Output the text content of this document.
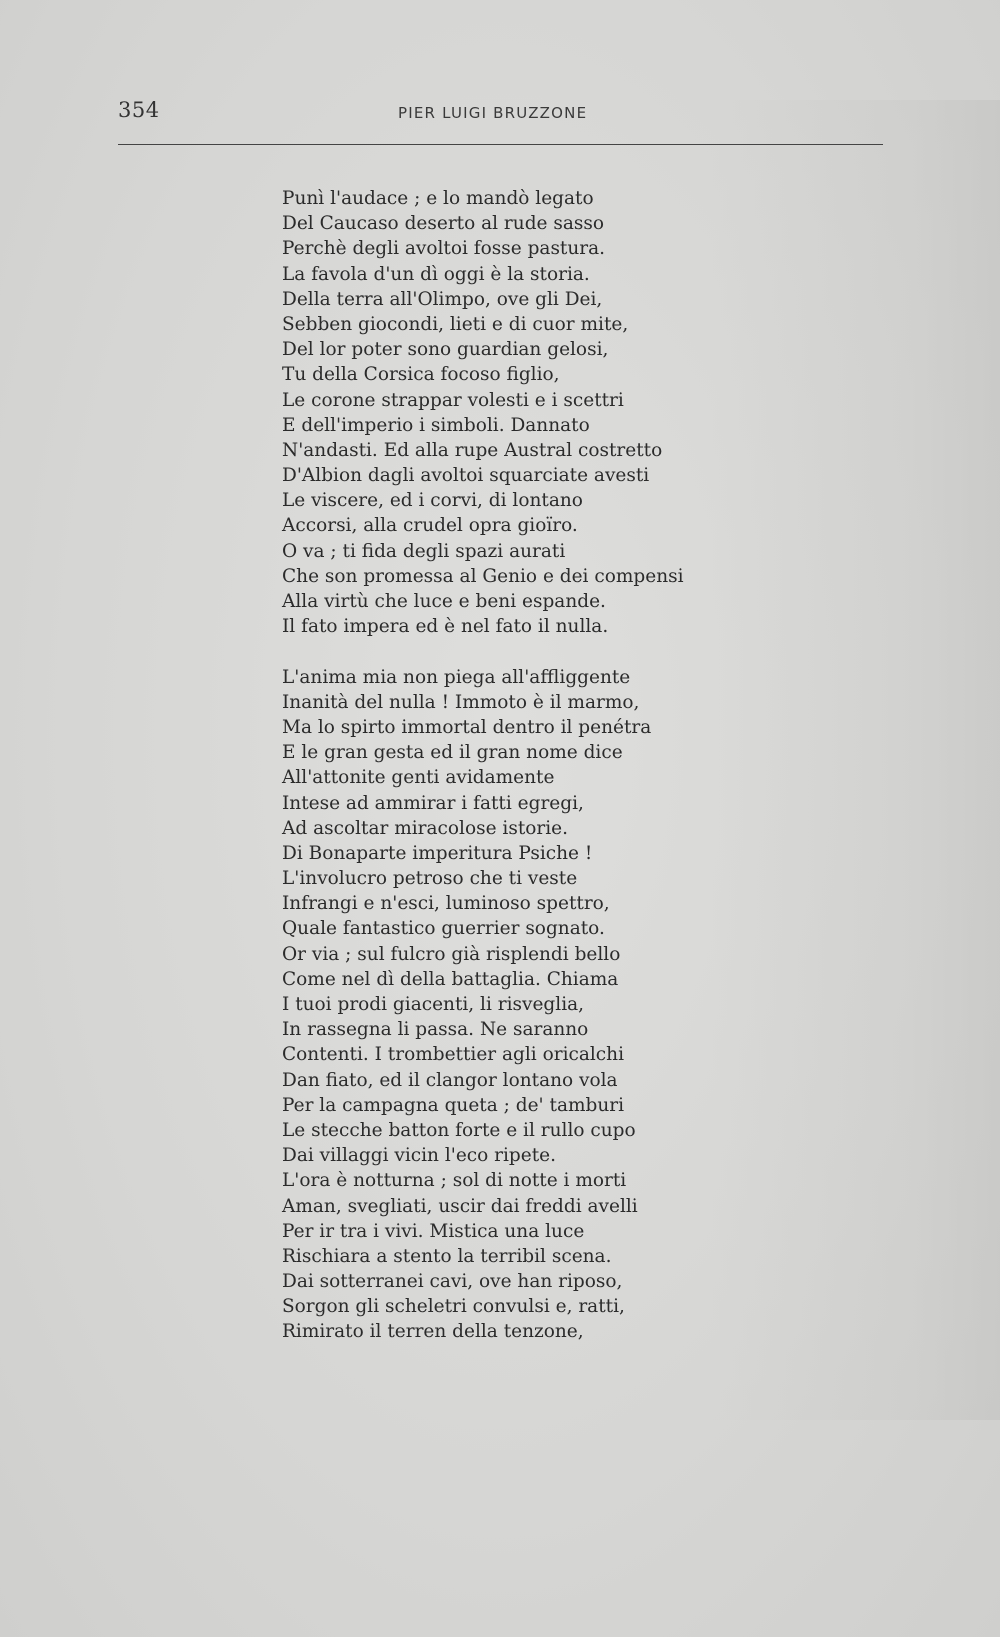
354	PIER LUIGI BRUZZONE
Punì l'audace ; e lo mandò legato
Del Caucaso deserto al rude sasso
Perchè degli avoltoi fosse pastura.
La favola d'un dì oggi è la storia.
Della terra all'Olimpo, ove gli Dei,
Sebben giocondi, lieti e di cuor mite,
Del lor poter sono guardian gelosi,
Tu della Corsica focoso figlio,
Le corone strappar volesti e i scettri
E dell'imperio i simboli. Dannato
N'andasti. Ed alla rupe Austral costretto
D'Albion dagli avoltoi squarciate avesti
Le viscere, ed i corvi, di lontano
Accorsi, alla crudel opra gioïro.
O va ; ti fida degli spazi aurati
Che son promessa al Genio e dei compensi
Alla virtù che luce e beni espande.
Il fato impera ed è nel fato il nulla.
L'anima mia non piega all'affliggente
Inanità del nulla ! Immoto è il marmo,
Ma lo spirto immortal dentro il penétra
E le gran gesta ed il gran nome dice
All'attonite genti avidamente
Intese ad ammirar i fatti egregi,
Ad ascoltar miracolose istorie.
Di Bonaparte imperitura Psiche !
L'involucro petroso che ti veste
Infrangi e n'esci, luminoso spettro,
Quale fantastico guerrier sognato.
Or via ; sul fulcro già risplendi bello
Come nel dì della battaglia. Chiama
I tuoi prodi giacenti, li risveglia,
In rassegna li passa. Ne saranno
Contenti. I trombettier agli oricalchi
Dan fiato, ed il clangor lontano vola
Per la campagna queta ; de' tamburi
Le stecche batton forte e il rullo cupo
Dai villaggi vicin l'eco ripete.
L'ora è notturna ; sol di notte i morti
Aman, svegliati, uscir dai freddi avelli
Per ir tra i vivi. Mistica una luce
Rischiara a stento la terribil scena.
Dai sotterranei cavi, ove han riposo,
Sorgon gli scheletri convulsi e, ratti,
Rimirato il terren della tenzone,
